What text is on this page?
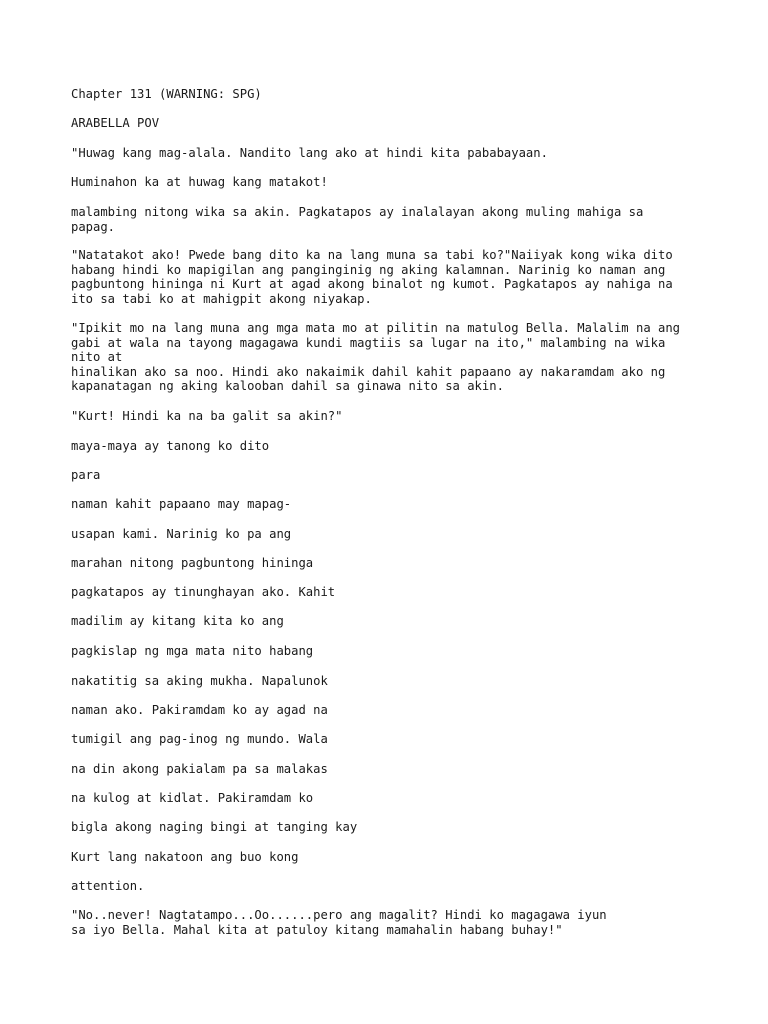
Chapter 131 (WARNING: SPG)

ARABELLA POV

"Huwag kang mag-alala. Nandito lang ako at hindi kita pababayaan.

Huminahon ka at huwag kang matakot!

malambing nitong wika sa akin. Pagkatapos ay inalalayan akong muling mahiga sa
papag.

"Natatakot ako! Pwede bang dito ka na lang muna sa tabi ko?"Naiiyak kong wika dito
habang hindi ko mapigilan ang panginginig ng aking kalamnan. Narinig ko naman ang
pagbuntong hininga ni Kurt at agad akong binalot ng kumot. Pagkatapos ay nahiga na
ito sa tabi ko at mahigpit akong niyakap.

"Ipikit mo na lang muna ang mga mata mo at pilitin na matulog Bella. Malalim na ang
gabi at wala na tayong magagawa kundi magtiis sa lugar na ito," malambing na wika
nito at
hinalikan ako sa noo. Hindi ako nakaimik dahil kahit papaano ay nakaramdam ako ng
kapanatagan ng aking kalooban dahil sa ginawa nito sa akin.

"Kurt! Hindi ka na ba galit sa akin?"

maya-maya ay tanong ko dito

para

naman kahit papaano may mapag-

usapan kami. Narinig ko pa ang

marahan nitong pagbuntong hininga

pagkatapos ay tinunghayan ako. Kahit

madilim ay kitang kita ko ang

pagkislap ng mga mata nito habang

nakatitig sa aking mukha. Napalunok

naman ako. Pakiramdam ko ay agad na

tumigil ang pag-inog ng mundo. Wala

na din akong pakialam pa sa malakas

na kulog at kidlat. Pakiramdam ko

bigla akong naging bingi at tanging kay

Kurt lang nakatoon ang buo kong

attention.

"No..never! Nagtatampo...Oo......pero ang magalit? Hindi ko magagawa iyun
sa iyo Bella. Mahal kita at patuloy kitang mamahalin habang buhay!"
